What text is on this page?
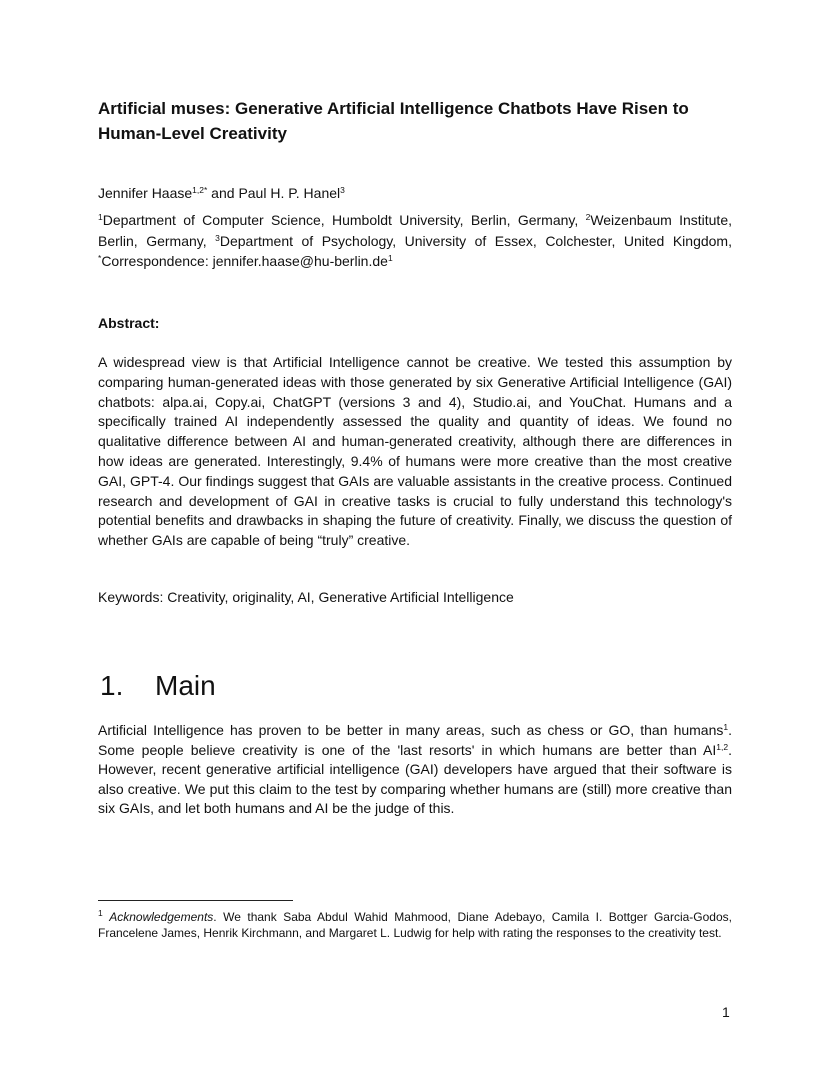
Artificial muses: Generative Artificial Intelligence Chatbots Have Risen to Human-Level Creativity
Jennifer Haase$^{1,2*}$ and Paul H. P. Hanel$^3$
$^1$Department of Computer Science, Humboldt University, Berlin, Germany, $^2$Weizenbaum Institute, Berlin, Germany, $^3$Department of Psychology, University of Essex, Colchester, United Kingdom, *Correspondence: $jennifer.haase@hu-berlin.de^1$
Abstract:
A widespread view is that Artificial Intelligence cannot be creative. We tested this assumption by comparing human-generated ideas with those generated by six Generative Artificial Intelligence (GAI) chatbots: alpa.ai, Copy.ai, ChatGPT (versions 3 and 4), Studio.ai, and YouChat. Humans and a specifically trained AI independently assessed the quality and quantity of ideas. We found no qualitative difference between AI and human-generated creativity, although there are differences in how ideas are generated. Interestingly, 9.4% of humans were more creative than the most creative GAI, GPT-4. Our findings suggest that GAIs are valuable assistants in the creative process. Continued research and development of GAI in creative tasks is crucial to fully understand this technology's potential benefits and drawbacks in shaping the future of creativity. Finally, we discuss the question of whether GAIs are capable of being “truly” creative.
Keywords: Creativity, originality, AI, Generative Artificial Intelligence
1. Main
Artificial Intelligence has proven to be better in many areas, such as chess or GO, than humans$^1$. Some people believe creativity is one of the 'last resorts' in which humans are better than AI$^{1,2}$. However, recent generative artificial intelligence (GAI) developers have argued that their software is also creative. We put this claim to the test by comparing whether humans are (still) more creative than six GAIs, and let both humans and AI be the judge of this.
$^1$ Acknowledgements. We thank Saba Abdul Wahid Mahmood, Diane Adebayo, Camila I. Bottger Garcia-Godos, Francelene James, Henrik Kirchmann, and Margaret L. Ludwig for help with rating the responses to the creativity test.
1
